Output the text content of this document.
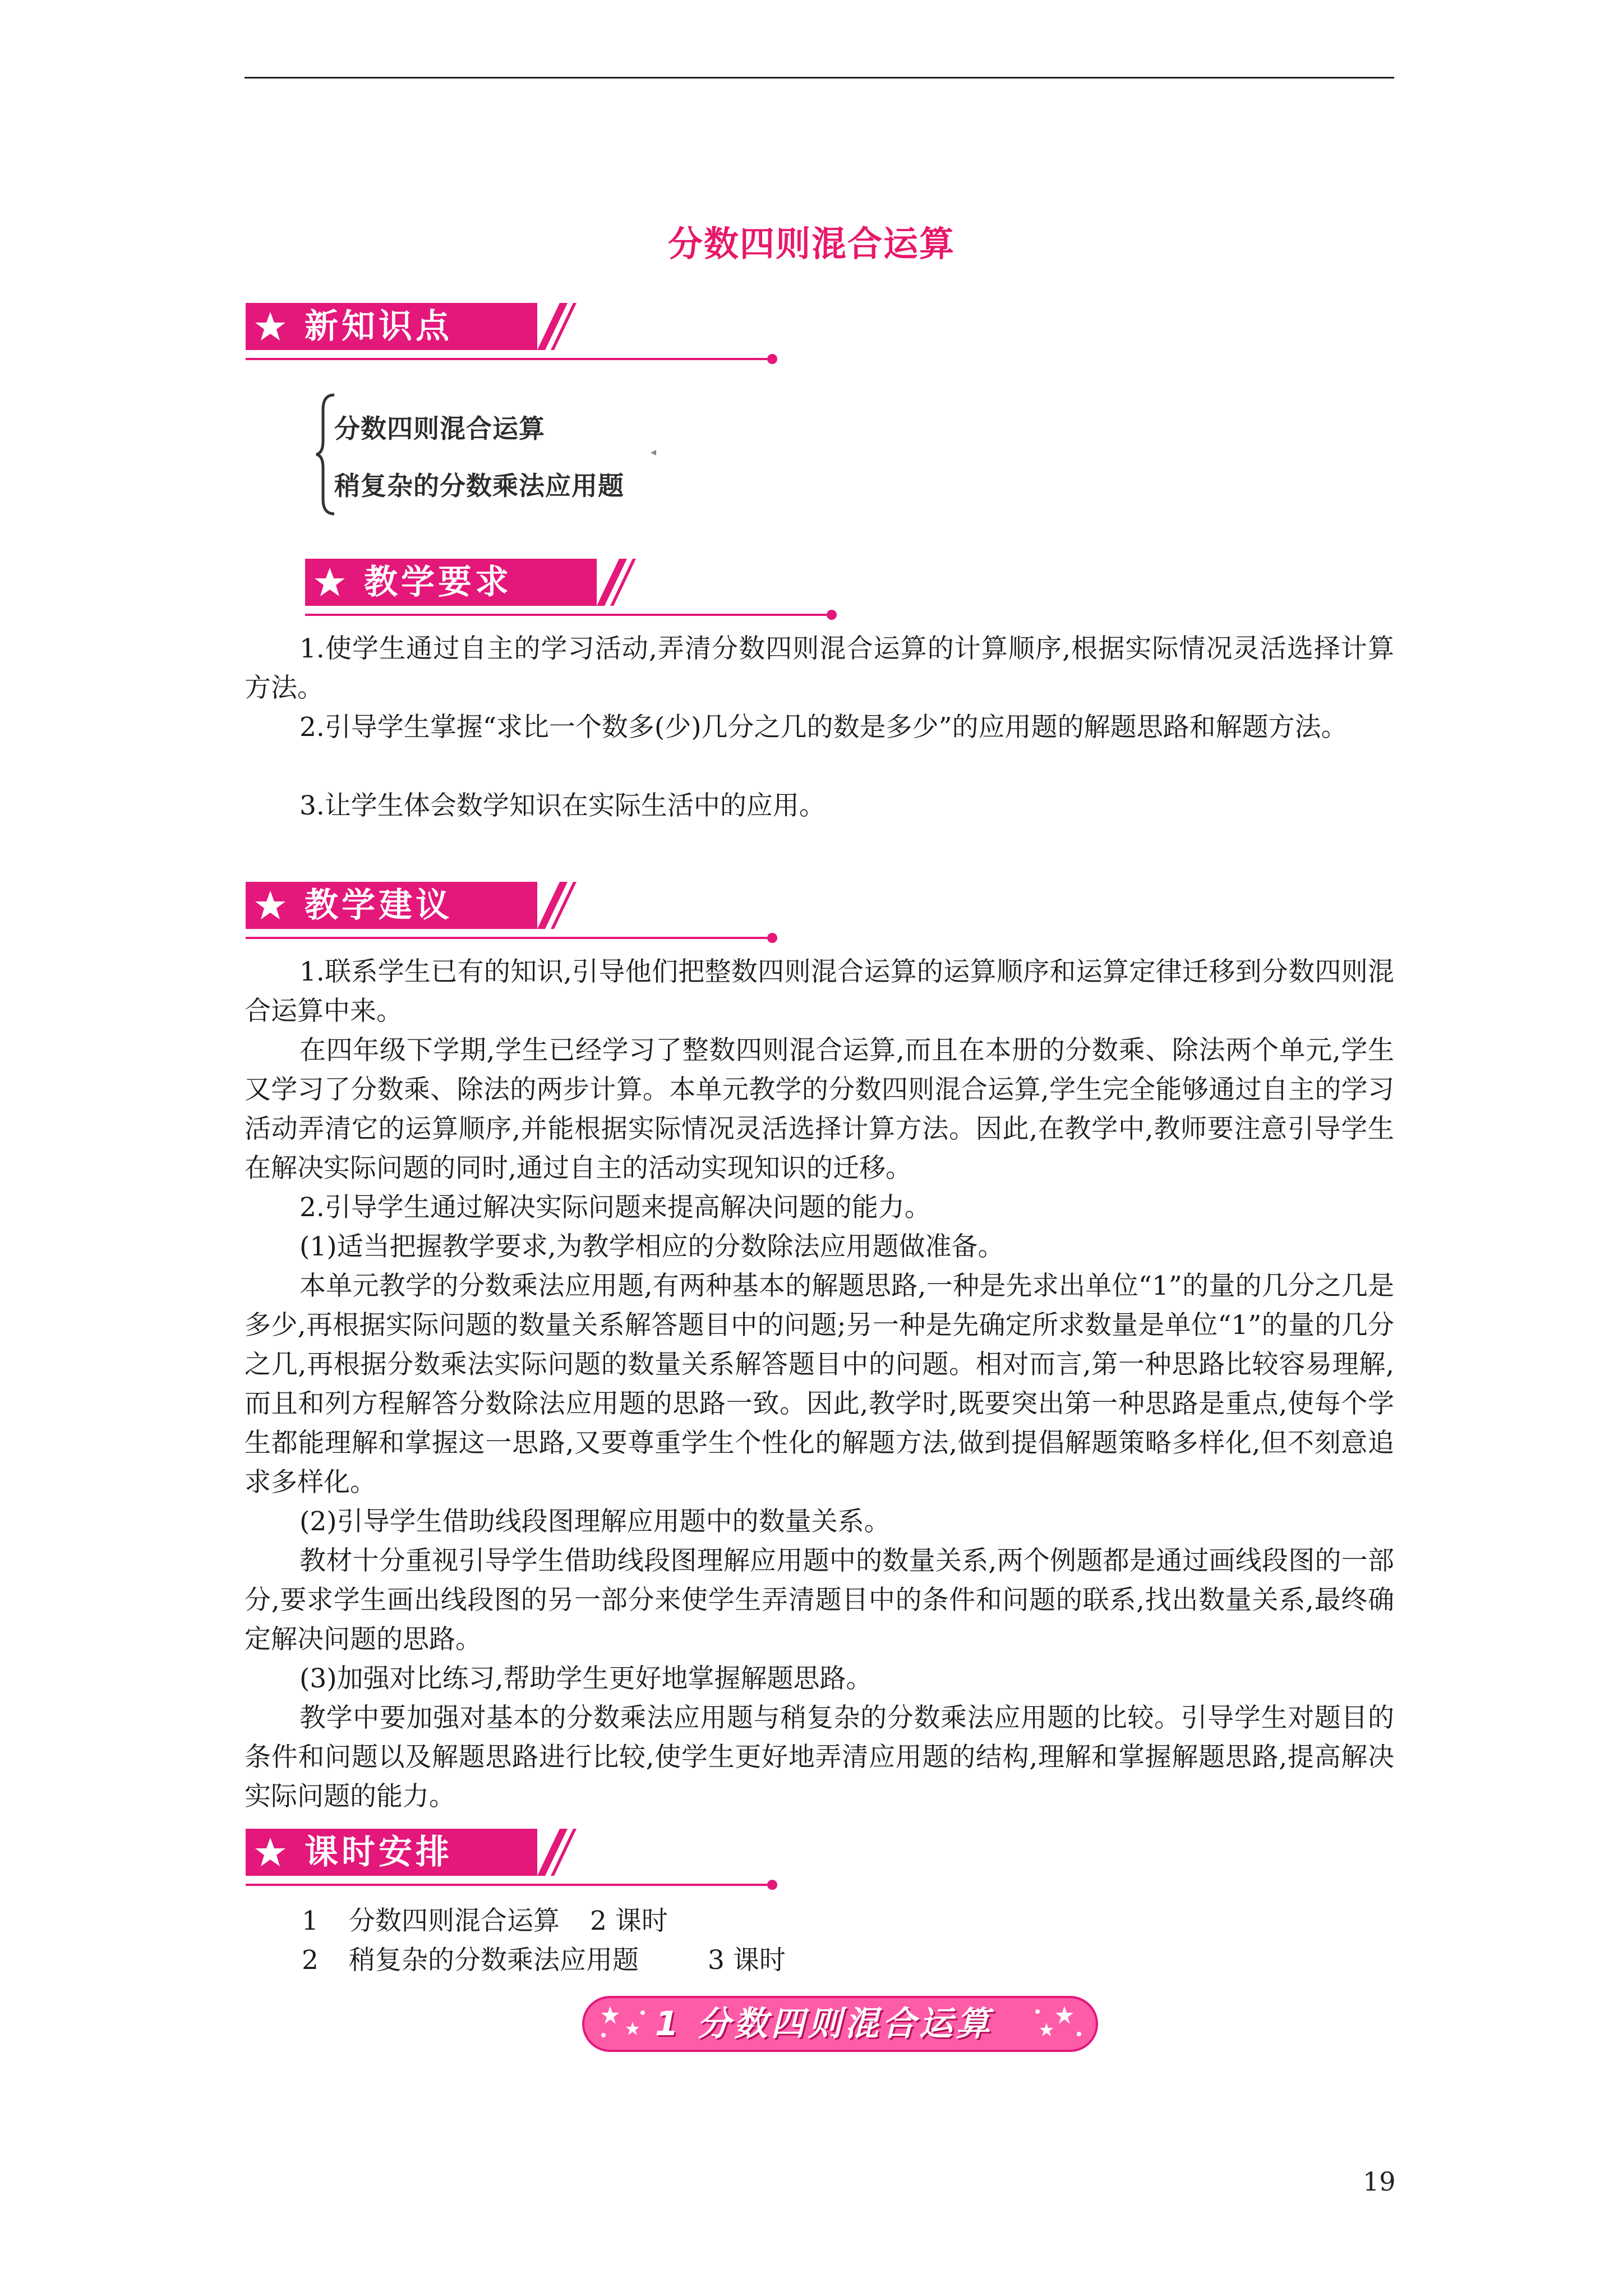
分数四则混合运算
新知识点
分数四则混合运算
稍复杂的分数乘法应用题
教学要求
1.使学生通过自主的学习活动,弄清分数四则混合运算的计算顺序,根据实际情况灵活选择计算方法。
2.引导学生掌握“求比一个数多(少)几分之几的数是多少”的应用题的解题思路和解题方法。
3.让学生体会数学知识在实际生活中的应用。
教学建议
1.联系学生已有的知识,引导他们把整数四则混合运算的运算顺序和运算定律迁移到分数四则混合运算中来。
在四年级下学期,学生已经学习了整数四则混合运算,而且在本册的分数乘、除法两个单元,学生又学习了分数乘、除法的两步计算。本单元教学的分数四则混合运算,学生完全能够通过自主的学习活动弄清它的运算顺序,并能根据实际情况灵活选择计算方法。因此,在教学中,教师要注意引导学生在解决实际问题的同时,通过自主的活动实现知识的迁移。
2.引导学生通过解决实际问题来提高解决问题的能力。
(1)适当把握教学要求,为教学相应的分数除法应用题做准备。
本单元教学的分数乘法应用题,有两种基本的解题思路,一种是先求出单位“1”的量的几分之几是多少,再根据实际问题的数量关系解答题目中的问题;另一种是先确定所求数量是单位“1”的量的几分之几,再根据分数乘法实际问题的数量关系解答题目中的问题。相对而言,第一种思路比较容易理解,而且和列方程解答分数除法应用题的思路一致。因此,教学时,既要突出第一种思路是重点,使每个学生都能理解和掌握这一思路,又要尊重学生个性化的解题方法,做到提倡解题策略多样化,但不刻意追求多样化。
(2)引导学生借助线段图理解应用题中的数量关系。
教材十分重视引导学生借助线段图理解应用题中的数量关系,两个例题都是通过画线段图的一部分,要求学生画出线段图的另一部分来使学生弄清题目中的条件和问题的联系,找出数量关系,最终确定解决问题的思路。
(3)加强对比练习,帮助学生更好地掌握解题思路。
教学中要加强对基本的分数乘法应用题与稍复杂的分数乘法应用题的比较。引导学生对题目的条件和问题以及解题思路进行比较,使学生更好地弄清应用题的结构,理解和掌握解题思路,提高解决实际问题的能力。
课时安排
1 分数四则混合运算 2 课时
2 稍复杂的分数乘法应用题	3 课时
1 分数四则混合运算
19
